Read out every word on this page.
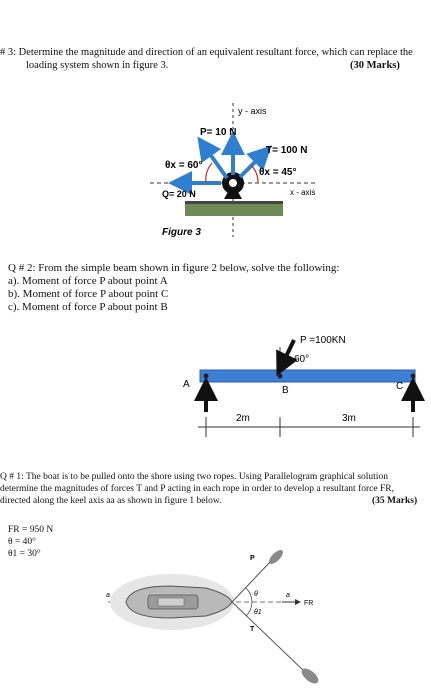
# 3: Determine the magnitude and direction of an equivalent resultant force, which can replace the
loading system shown in figure 3.	(30 Marks)
y - axis
x - axis
P= 10 N
T= 100 N
θx = 60°
θx = 45°
Q= 20 N
Figure 3
Q # 2: From the simple beam shown in figure 2 below, solve the following:
a). Moment of force P about point A
b). Moment of force P about point C
c). Moment of force P about point B
P =100KN
60°
A
B	C
2m	3m
Q # 1: The boat is to be pulled onto the shore using two ropes. Using Parallelogram graphical solution
determine the magnitudes of forces T and P acting in each rope in order to develop a resultant force FR,
directed along the keel axis aa as shown in figure 1 below.	(35 Marks)
FR = 950 N
θ = 40°
θ1 = 30°	P
T
θ
θ1
FR
a	a
